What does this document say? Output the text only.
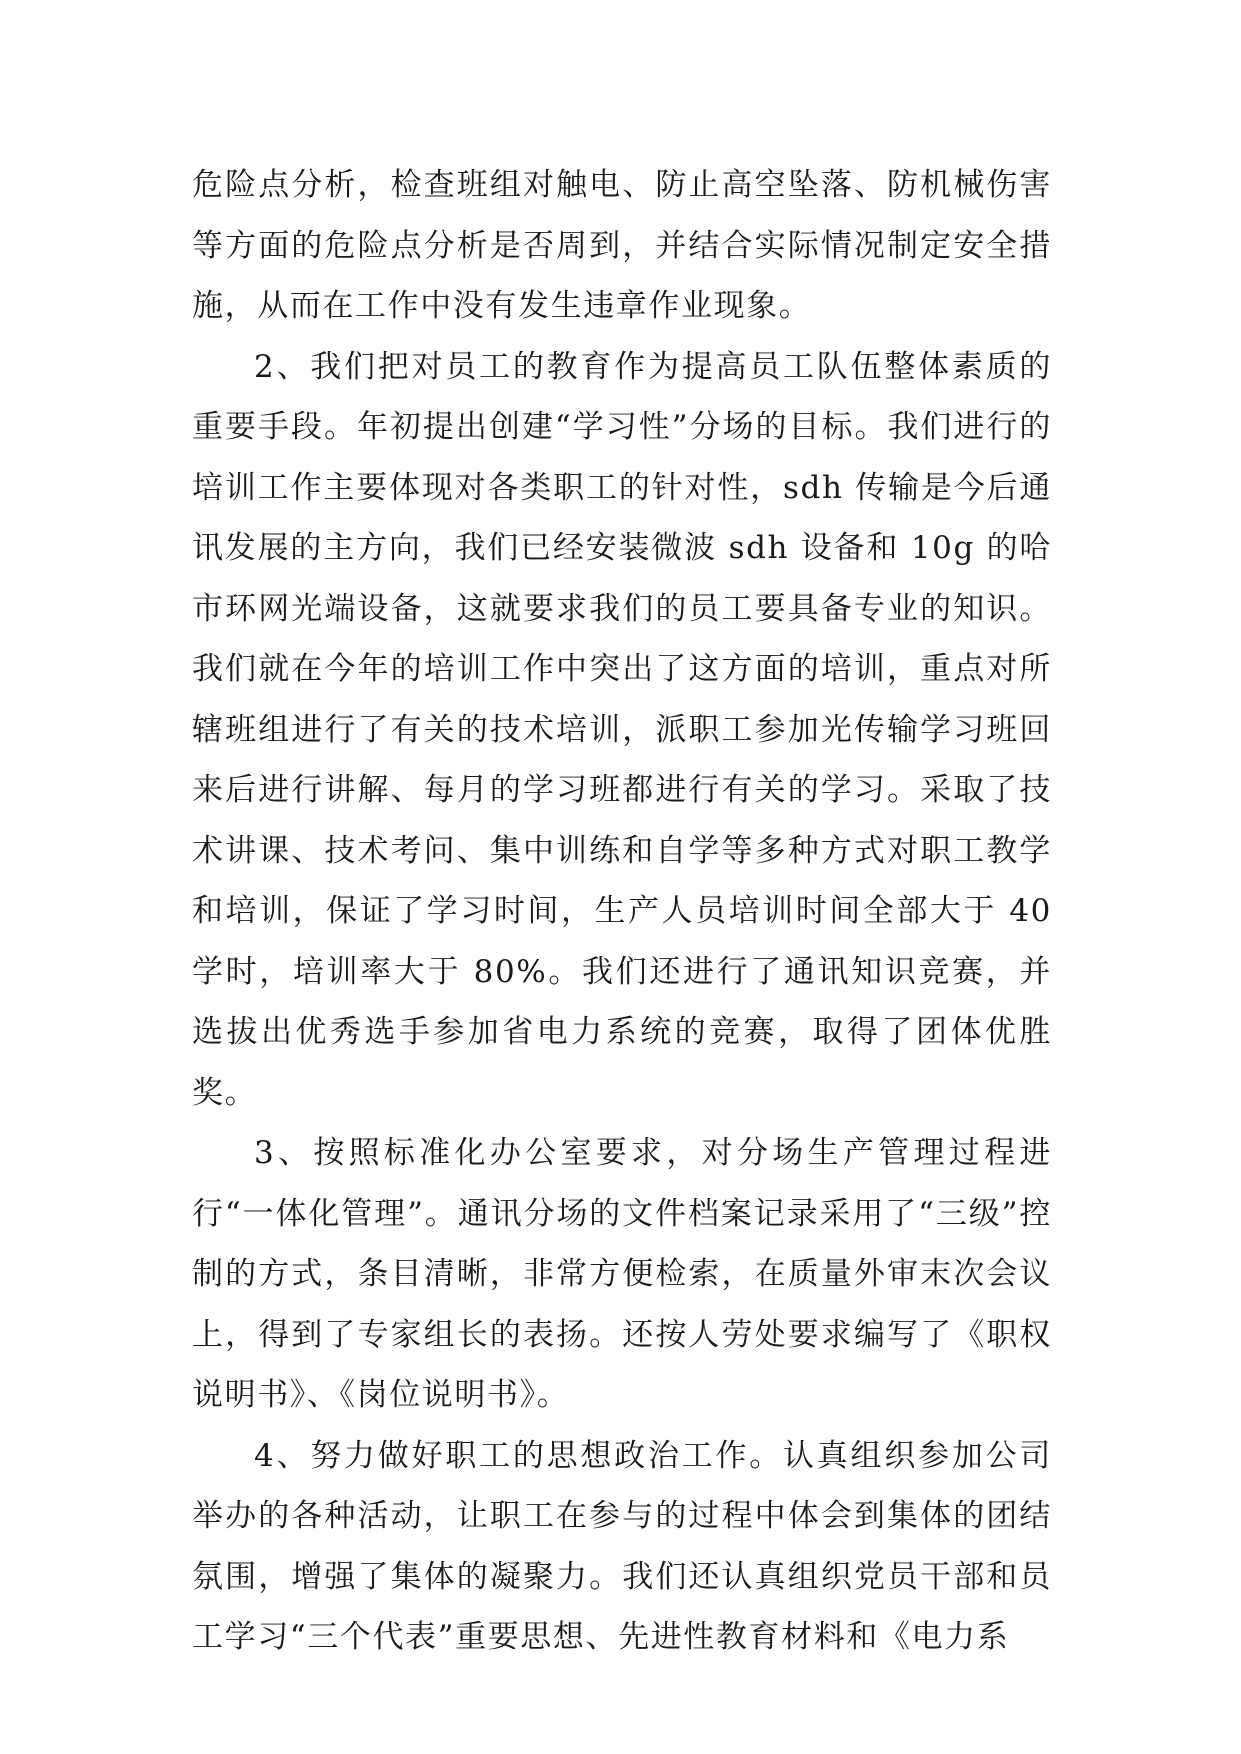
危险点分析，检查班组对触电、防止高空坠落、防机械伤害等方面的危险点分析是否周到，并结合实际情况制定安全措施，从而在工作中没有发生违章作业现象。

2、我们把对员工的教育作为提高员工队伍整体素质的重要手段。年初提出创建“学习性”分场的目标。我们进行的培训工作主要体现对各类职工的针对性，sdh 传输是今后通讯发展的主方向，我们已经安装微波 sdh 设备和 10g 的哈市环网光端设备，这就要求我们的员工要具备专业的知识。我们就在今年的培训工作中突出了这方面的培训，重点对所辖班组进行了有关的技术培训，派职工参加光传输学习班回来后进行讲解、每月的学习班都进行有关的学习。采取了技术讲课、技术考问、集中训练和自学等多种方式对职工教学和培训，保证了学习时间，生产人员培训时间全部大于 40 学时，培训率大于 80%。我们还进行了通讯知识竞赛，并选拔出优秀选手参加省电力系统的竞赛，取得了团体优胜奖。

3、按照标准化办公室要求，对分场生产管理过程进行“一体化管理”。通讯分场的文件档案记录采用了“三级”控制的方式，条目清晰，非常方便检索，在质量外审末次会议上，得到了专家组长的表扬。还按人劳处要求编写了《职权说明书》、《岗位说明书》。

4、努力做好职工的思想政治工作。认真组织参加公司举办的各种活动，让职工在参与的过程中体会到集体的团结氛围，增强了集体的凝聚力。我们还认真组织党员干部和员工学习“三个代表”重要思想、先进性教育材料和《电力系
